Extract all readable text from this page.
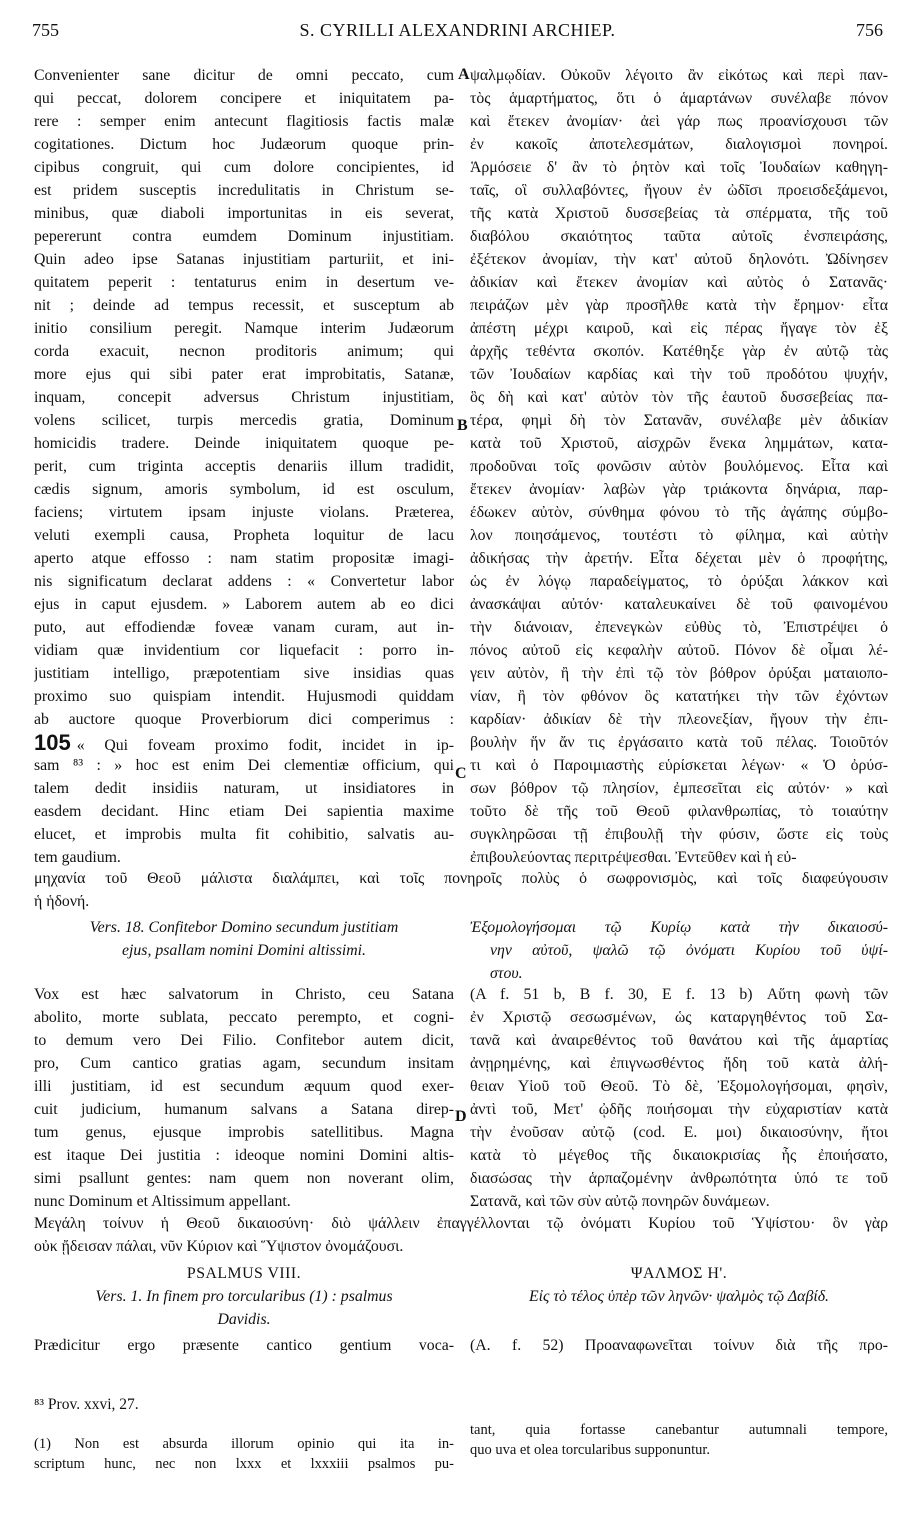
755	S. CYRILLI ALEXANDRINI ARCHIEP.	756
A
B
C
D
Convenienter sane dicitur de omni peccato, cum
qui peccat, dolorem concipere et iniquitatem pa-
rere : semper enim antecunt flagitiosis factis malæ
cogitationes. Dictum hoc Judæorum quoque prin-
cipibus congruit, qui cum dolore concipientes, id
est pridem susceptis incredulitatis in Christum se-
minibus, quæ diaboli importunitas in eis severat,
pepererunt contra eumdem Dominum injustitiam.
Quin adeo ipse Satanas injustitiam parturiit, et ini-
quitatem peperit : tentaturus enim in desertum ve-
nit ; deinde ad tempus recessit, et susceptum ab
initio consilium peregit. Namque interim Judæorum
corda exacuit, necnon proditoris animum; qui
more ejus qui sibi pater erat improbitatis, Satanæ,
inquam, concepit adversus Christum injustitiam,
volens scilicet, turpis mercedis gratia, Dominum
homicidis tradere. Deinde iniquitatem quoque pe-
perit, cum triginta acceptis denariis illum tradidit,
cædis signum, amoris symbolum, id est osculum,
faciens; virtutem ipsam injuste violans. Præterea,
veluti exempli causa, Propheta loquitur de lacu
aperto atque effosso : nam statim propositæ imagi-
nis significatum declarat addens : « Convertetur labor
ejus in caput ejusdem. » Laborem autem ab eo dici
puto, aut effodiendæ foveæ vanam curam, aut in-
vidiam quæ invidentium cor liquefacit : porro in-
justitiam intelligo, præpotentiam sive insidias quas
proximo suo quispiam intendit. Hujusmodi quiddam
ab auctore quoque Proverbiorum dici comperimus :
105 « Qui foveam proximo fodit, incidet in ip-
sam ⁸³ : » hoc est enim Dei clementiæ officium, qui
talem dedit insidiis naturam, ut insidiatores in
easdem decidant. Hinc etiam Dei sapientia maxime
elucet, et improbis multa fit cohibitio, salvatis au-
tem gaudium.
ψαλμῳδίαν. Οὐκοῦν λέγοιτο ἂν εἰκότως καὶ περὶ παν-
τὸς ἁμαρτήματος, ὅτι ὁ ἁμαρτάνων συνέλαβε πόνον
καὶ ἔτεκεν ἀνομίαν· ἀεὶ γάρ πως προανίσχουσι τῶν
ἐν κακοῖς ἀποτελεσμάτων, διαλογισμοὶ πονηροί.
Ἁρμόσειε δ' ἂν τὸ ῥητὸν καὶ τοῖς Ἰουδαίων καθηγη-
ταῖς, οἳ συλλαβόντες, ἤγουν ἐν ὠδῖσι προεισδεξάμενοι,
τῆς κατὰ Χριστοῦ δυσσεβείας τὰ σπέρματα, τῆς τοῦ
διαβόλου σκαιότητος ταῦτα αὐτοῖς ἐνσπειράσης,
ἐξέτεκον ἀνομίαν, τὴν κατ' αὐτοῦ δηλονότι. Ὠδίνησεν
ἀδικίαν καὶ ἔτεκεν ἀνομίαν καὶ αὐτὸς ὁ Σατανᾶς·
πειράζων μὲν γὰρ προσῆλθε κατὰ τὴν ἔρημον· εἶτα
ἀπέστη μέχρι καιροῦ, καὶ εἰς πέρας ἤγαγε τὸν ἐξ
ἀρχῆς τεθέντα σκοπόν. Κατέθηξε γὰρ ἐν αὐτῷ τὰς
τῶν Ἰουδαίων καρδίας καὶ τὴν τοῦ προδότου ψυχήν,
ὃς δὴ καὶ κατ' αὐτὸν τὸν τῆς ἑαυτοῦ δυσσεβείας πα-
τέρα, φημὶ δὴ τὸν Σατανᾶν, συνέλαβε μὲν ἀδικίαν
κατὰ τοῦ Χριστοῦ, αἰσχρῶν ἕνεκα λημμάτων, κατα-
προδοῦναι τοῖς φονῶσιν αὐτὸν βουλόμενος. Εἶτα καὶ
ἔτεκεν ἀνομίαν· λαβὼν γὰρ τριάκοντα δηνάρια, παρ-
έδωκεν αὐτὸν, σύνθημα φόνου τὸ τῆς ἀγάπης σύμβο-
λον ποιησάμενος, τουτέστι τὸ φίλημα, καὶ αὐτὴν
ἀδικήσας τὴν ἀρετήν. Εἶτα δέχεται μὲν ὁ προφήτης,
ὡς ἐν λόγῳ παραδείγματος, τὸ ὀρύξαι λάκκον καὶ
ἀνασκάψαι αὐτόν· καταλευκαίνει δὲ τοῦ φαινομένου
τὴν διάνοιαν, ἐπενεγκὼν εὐθὺς τὸ, Ἐπιστρέψει ὁ
πόνος αὐτοῦ εἰς κεφαλὴν αὐτοῦ. Πόνον δὲ οἶμαι λέ-
γειν αὐτὸν, ἢ τὴν ἐπὶ τῷ τὸν βόθρον ὀρύξαι ματαιοπο-
νίαν, ἢ τὸν φθόνον ὃς κατατήκει τὴν τῶν ἐχόντων
καρδίαν· ἀδικίαν δὲ τὴν πλεονεξίαν, ἤγουν τὴν ἐπι-
βουλὴν ἥν ἄν τις ἐργάσαιτο κατὰ τοῦ πέλας. Τοιοῦτόν
τι καὶ ὁ Παροιμιαστὴς εὑρίσκεται λέγων· « Ὁ ὀρύσ-
σων βόθρον τῷ πλησίον, ἐμπεσεῖται εἰς αὐτόν· » καὶ
τοῦτο δὲ τῆς τοῦ Θεοῦ φιλανθρωπίας, τὸ τοιαύτην
συγκληρῶσαι τῇ ἐπιβουλῇ τὴν φύσιν, ὥστε εἰς τοὺς
ἐπιβουλεύοντας περιτρέψεσθαι. Ἐντεῦθεν καὶ ἡ εὐ-
μηχανία τοῦ Θεοῦ μάλιστα διαλάμπει, καὶ τοῖς πονηροῖς πολὺς ὁ σωφρονισμὸς, καὶ τοῖς διαφεύγουσιν
ἡ ἡδονή.
Vers. 18. Confitebor Domino secundum justitiam
ejus, psallam nomini Domini altissimi.
Ἐξομολογήσομαι τῷ Κυρίῳ κατὰ τὴν δικαιοσύ-
νην αὐτοῦ, ψαλῶ τῷ ὀνόματι Κυρίου τοῦ ὑψί-
στου.
Vox est hæc salvatorum in Christo, ceu Satana
abolito, morte sublata, peccato perempto, et cogni-
to demum vero Dei Filio. Confitebor autem dicit,
pro, Cum cantico gratias agam, secundum insitam
illi justitiam, id est secundum æquum quod exer-
cuit judicium, humanum salvans a Satana direp-
tum genus, ejusque improbis satellitibus. Magna
est itaque Dei justitia : ideoque nomini Domini altis-
simi psallunt gentes: nam quem non noverant olim,
nunc Dominum et Altissimum appellant.
(A f. 51 b, B f. 30, E f. 13 b) Αὕτη φωνὴ τῶν
ἐν Χριστῷ σεσωσμένων, ὡς καταργηθέντος τοῦ Σα-
τανᾶ καὶ ἀναιρεθέντος τοῦ θανάτου καὶ τῆς ἁμαρτίας
ἀνῃρημένης, καὶ ἐπιγνωσθέντος ἤδη τοῦ κατὰ ἀλή-
θειαν Υἱοῦ τοῦ Θεοῦ. Τὸ δὲ, Ἐξομολογήσομαι, φησὶν,
ἀντὶ τοῦ, Μετ' ᾠδῆς ποιήσομαι τὴν εὐχαριστίαν κατὰ
τὴν ἐνοῦσαν αὐτῷ (cod. E. μοι) δικαιοσύνην, ἤτοι
κατὰ τὸ μέγεθος τῆς δικαιοκρισίας ἧς ἐποιήσατο,
διασώσας τὴν ἁρπαζομένην ἀνθρωπότητα ὑπό τε τοῦ
Σατανᾶ, καὶ τῶν σὺν αὐτῷ πονηρῶν δυνάμεων.
Μεγάλη τοίνυν ἡ Θεοῦ δικαιοσύνη· διὸ ψάλλειν ἐπαγγέλλονται τῷ ὀνόματι Κυρίου τοῦ Ὑψίστου· ὃν γὰρ
οὐκ ᾔδεισαν πάλαι, νῦν Κύριον καὶ Ὕψιστον ὀνομάζουσι.
PSALMUS VIII.
Vers. 1. In finem pro torcularibus (1) : psalmus
Davidis.
Prædicitur ergo præsente cantico gentium voca-
ΨΑΛΜΟΣ Η'.
Εἰς τὸ τέλος ὑπὲρ τῶν ληνῶν· ψαλμὸς τῷ Δαβίδ.
(A. f. 52) Προαναφωνεῖται τοίνυν διὰ τῆς προ-
⁸³ Prov. xxvi, 27.
(1) Non est absurda illorum opinio qui ita in-
scriptum hunc, nec non lxxx et lxxxiii psalmos pu-
tant, quia fortasse canebantur autumnali tempore,
quo uva et olea torcularibus supponuntur.
